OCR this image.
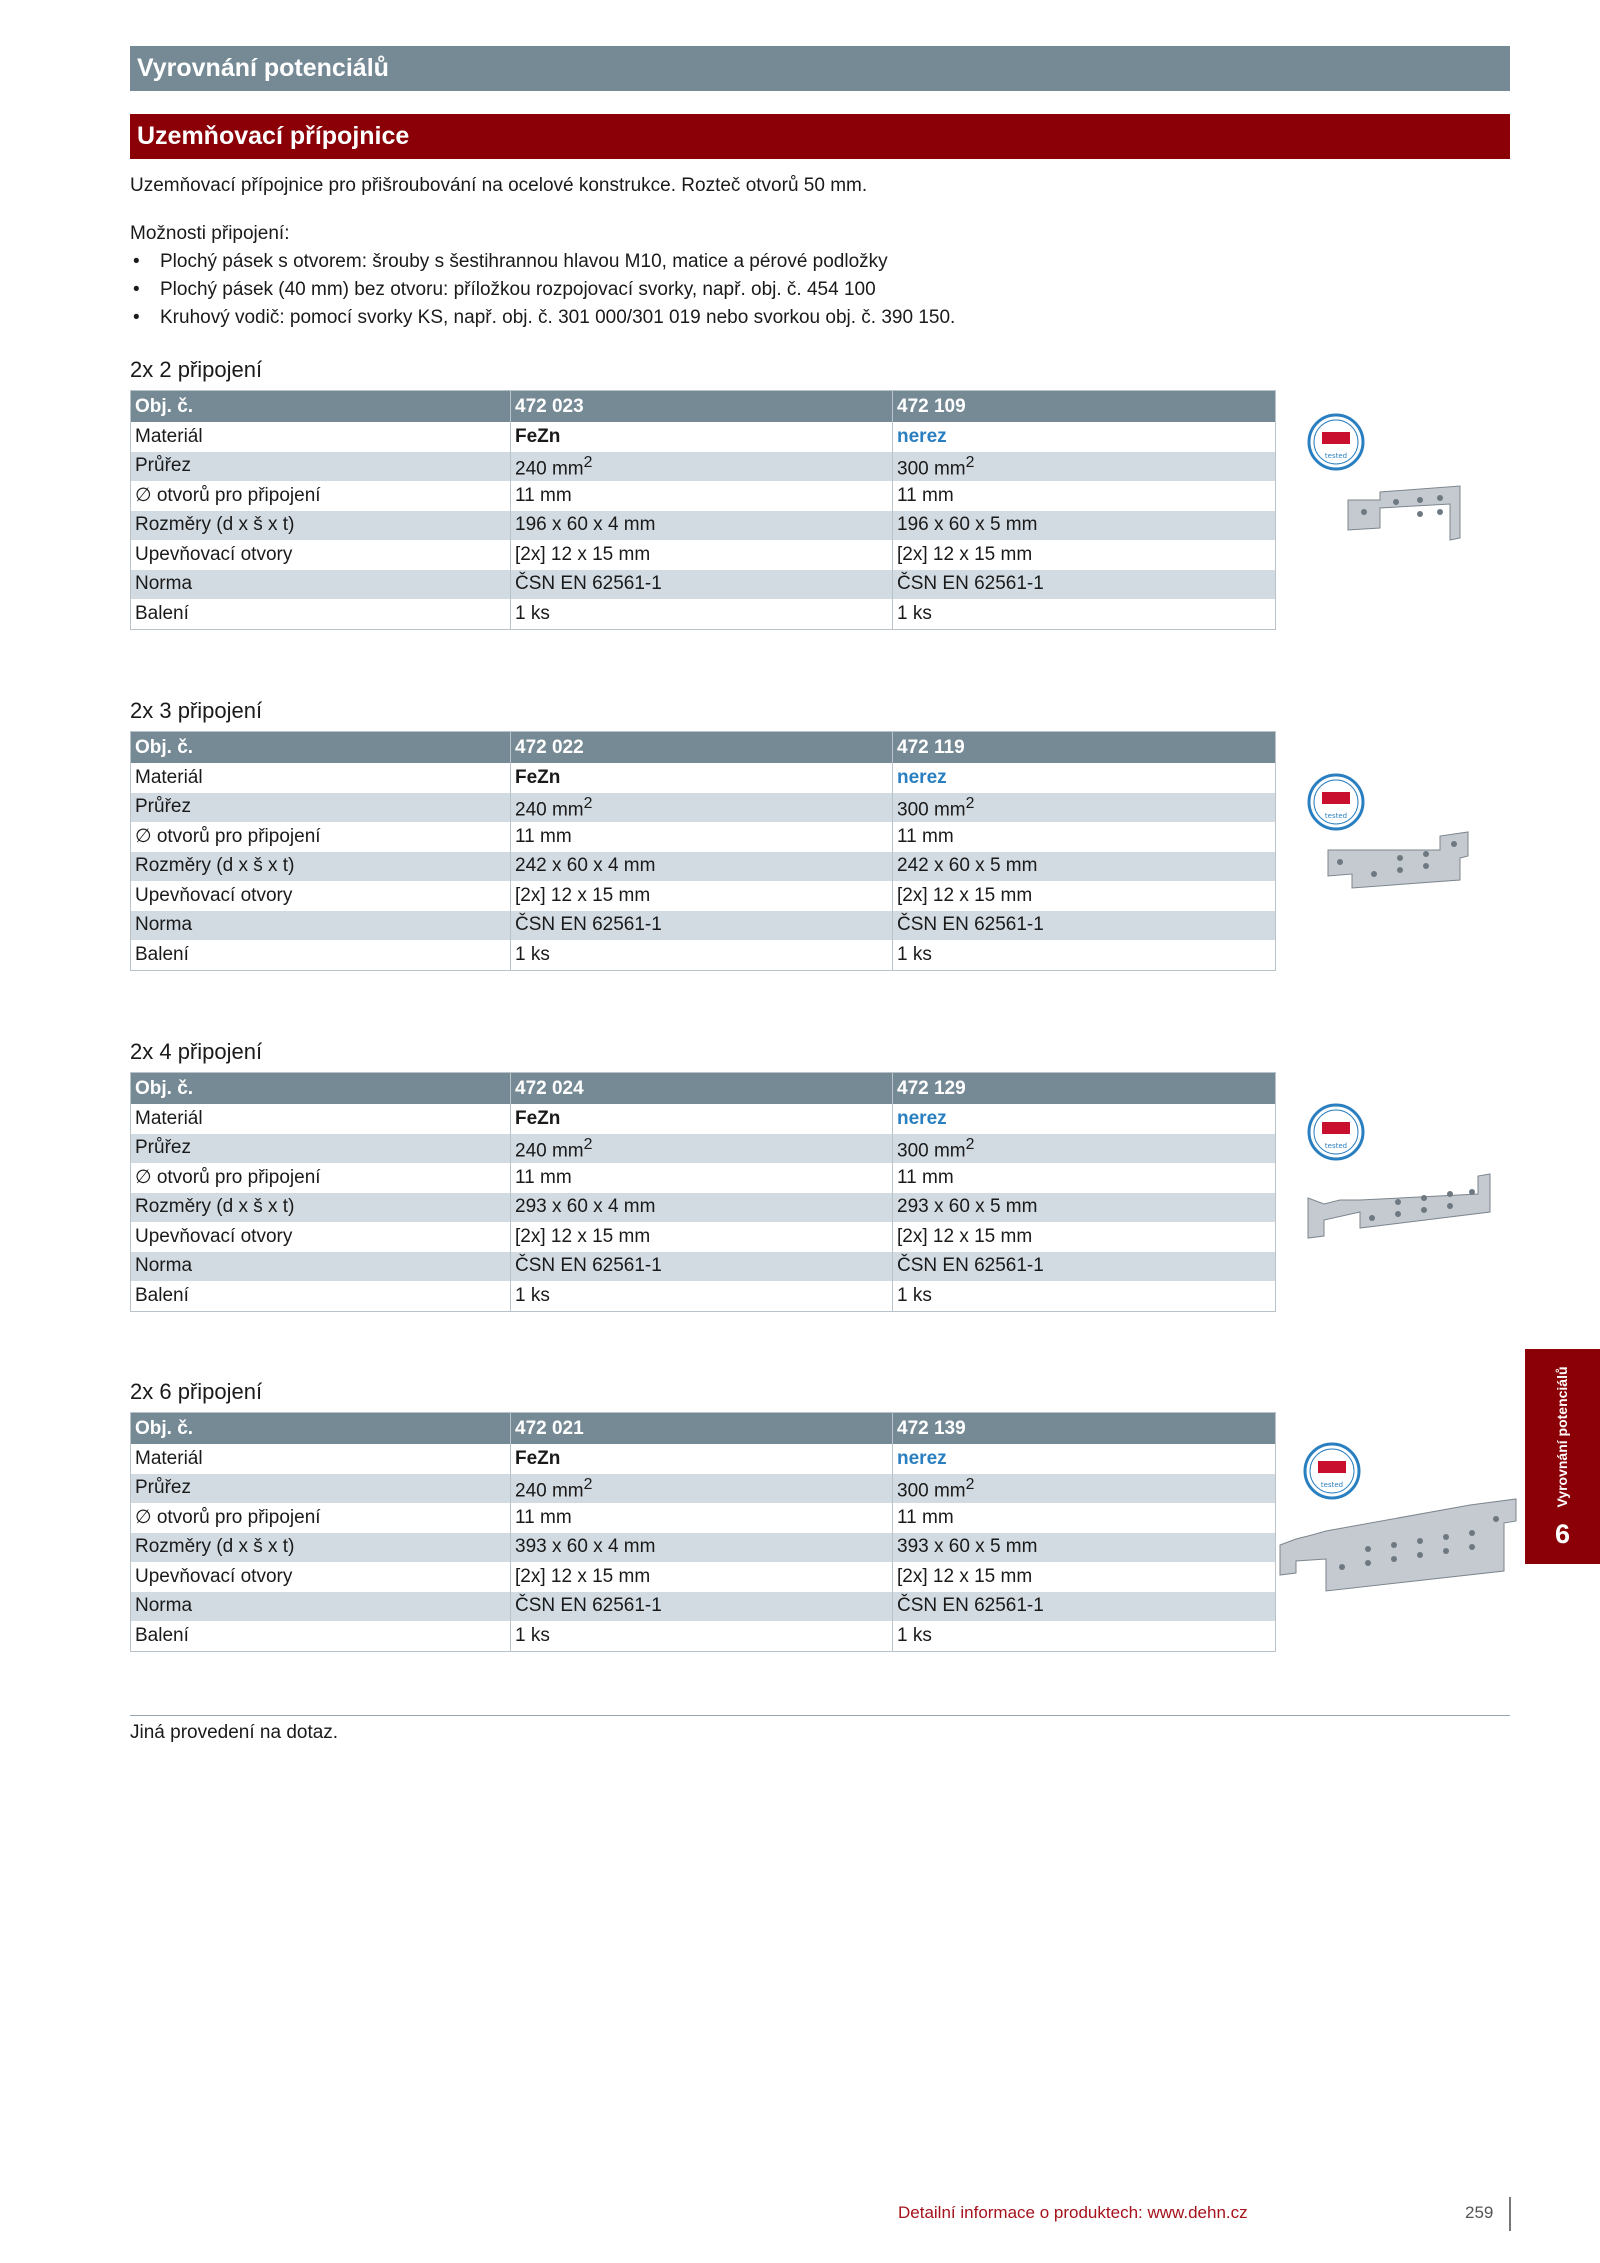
Vyrovnání potenciálů
Uzemňovací přípojnice

Uzemňovací přípojnice pro přišroubování na ocelové konstrukce. Rozteč otvorů 50 mm.

Možnosti připojení:

• Plochý pásek s otvorem: šrouby s šestihrannou hlavou M10, matice a pérové podložky
• Plochý pásek (40 mm) bez otvoru: příložkou rozpojovací svorky, např. obj. č. 454 100
• Kruhový vodič: pomocí svorky KS, např. obj. č. 301 000/301 019 nebo svorkou obj. č. 390 150.
2x 2 připojení
Obj. č.	472 023	472 109
Materiál	FeZn	nerez
Průřez	240 $mm^2$	300 $mm^2$
∅ otvorů pro připojení	11 mm	11 mm
Rozměry (d x š x t)	196 x 60 x 4 mm	196 x 60 x 5 mm
Upevňovací otvory	[2x] 12 x 15 mm	[2x] 12 x 15 mm
Norma	ČSN EN 62561-1	ČSN EN 62561-1
Balení	1 ks	1 ks
2x 3 připojení
Obj. č.	472 022	472 119
Materiál	FeZn	nerez
Průřez	240 $mm^2$	300 $mm^2$
∅ otvorů pro připojení	11 mm	11 mm
Rozměry (d x š x t)	242 x 60 x 4 mm	242 x 60 x 5 mm
Upevňovací otvory	[2x] 12 x 15 mm	[2x] 12 x 15 mm
Norma	ČSN EN 62561-1	ČSN EN 62561-1
Balení	1 ks	1 ks
2x 4 připojení
Obj. č.	472 024	472 129
Materiál	FeZn	nerez
Průřez	240 $mm^2$	300 $mm^2$
∅ otvorů pro připojení	11 mm	11 mm
Rozměry (d x š x t)	293 x 60 x 4 mm	293 x 60 x 5 mm
Upevňovací otvory	[2x] 12 x 15 mm	[2x] 12 x 15 mm
Norma	ČSN EN 62561-1	ČSN EN 62561-1
Balení	1 ks	1 ks
2x 6 připojení
Obj. č.	472 021	472 139
Materiál	FeZn	nerez
Průřez	240 $mm^2$	300 $mm^2$
∅ otvorů pro připojení	11 mm	11 mm
Rozměry (d x š x t)	393 x 60 x 4 mm	393 x 60 x 5 mm
Upevňovací otvory	[2x] 12 x 15 mm	[2x] 12 x 15 mm
Norma	ČSN EN 62561-1	ČSN EN 62561-1
Balení	1 ks	1 ks
tested
tested
tested
tested	Vyrovnání potenciálů
6
Jiná provedení na dotaz.
Detailní informace o produktech: www.dehn.cz	259
